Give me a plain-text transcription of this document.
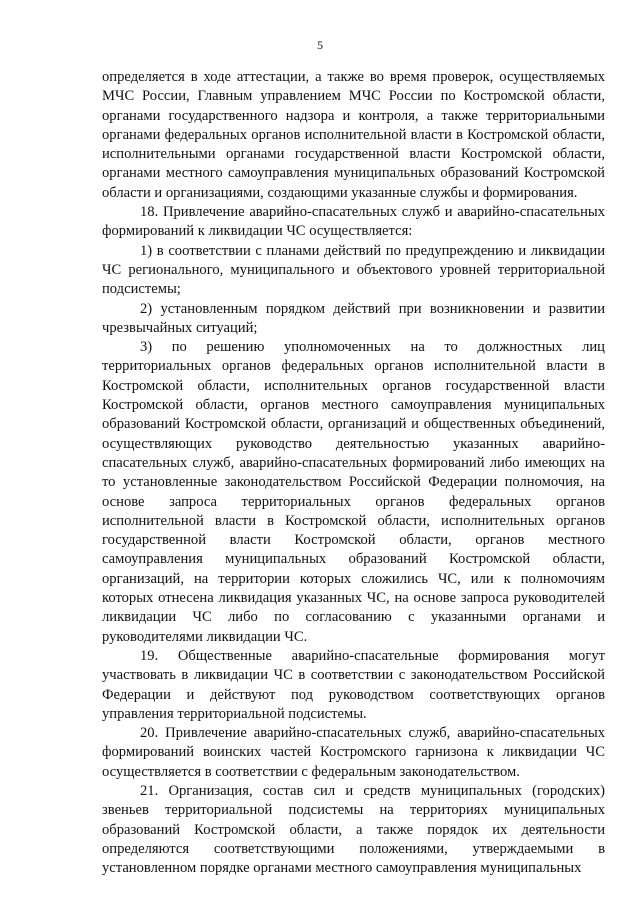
5

определяется в ходе аттестации, а также во время проверок, осуществляемых МЧС России, Главным управлением МЧС России по Костромской области, органами государственного надзора и контроля, а также территориальными органами федеральных органов исполнительной власти в Костромской области, исполнительными органами государственной власти Костромской области, органами местного самоуправления муниципальных образований Костромской области и организациями, создающими указанные службы и формирования.

18. Привлечение аварийно-спасательных служб и аварийно-спасательных формирований к ликвидации ЧС осуществляется:

1) в соответствии с планами действий по предупреждению и ликвидации ЧС регионального, муниципального и объектового уровней территориальной подсистемы;

2) установленным порядком действий при возникновении и развитии чрезвычайных ситуаций;

3) по решению уполномоченных на то должностных лиц территориальных органов федеральных органов исполнительной власти в Костромской области, исполнительных органов государственной власти Костромской области, органов местного самоуправления муниципальных образований Костромской области, организаций и общественных объединений, осуществляющих руководство деятельностью указанных аварийно-спасательных служб, аварийно-спасательных формирований либо имеющих на то установленные законодательством Российской Федерации полномочия, на основе запроса территориальных органов федеральных органов исполнительной власти в Костромской области, исполнительных органов государственной власти Костромской области, органов местного самоуправления муниципальных образований Костромской области, организаций, на территории которых сложились ЧС, или к полномочиям которых отнесена ликвидация указанных ЧС, на основе запроса руководителей ликвидации ЧС либо по согласованию с указанными органами и руководителями ликвидации ЧС.

19. Общественные аварийно-спасательные формирования могут участвовать в ликвидации ЧС в соответствии с законодательством Российской Федерации и действуют под руководством соответствующих органов управления территориальной подсистемы.

20. Привлечение аварийно-спасательных служб, аварийно-спасательных формирований воинских частей Костромского гарнизона к ликвидации ЧС осуществляется в соответствии с федеральным законодательством.

21. Организация, состав сил и средств муниципальных (городских) звеньев территориальной подсистемы на территориях муниципальных образований Костромской области, а также порядок их деятельности определяются соответствующими положениями, утверждаемыми в установленном порядке органами местного самоуправления муниципальных
